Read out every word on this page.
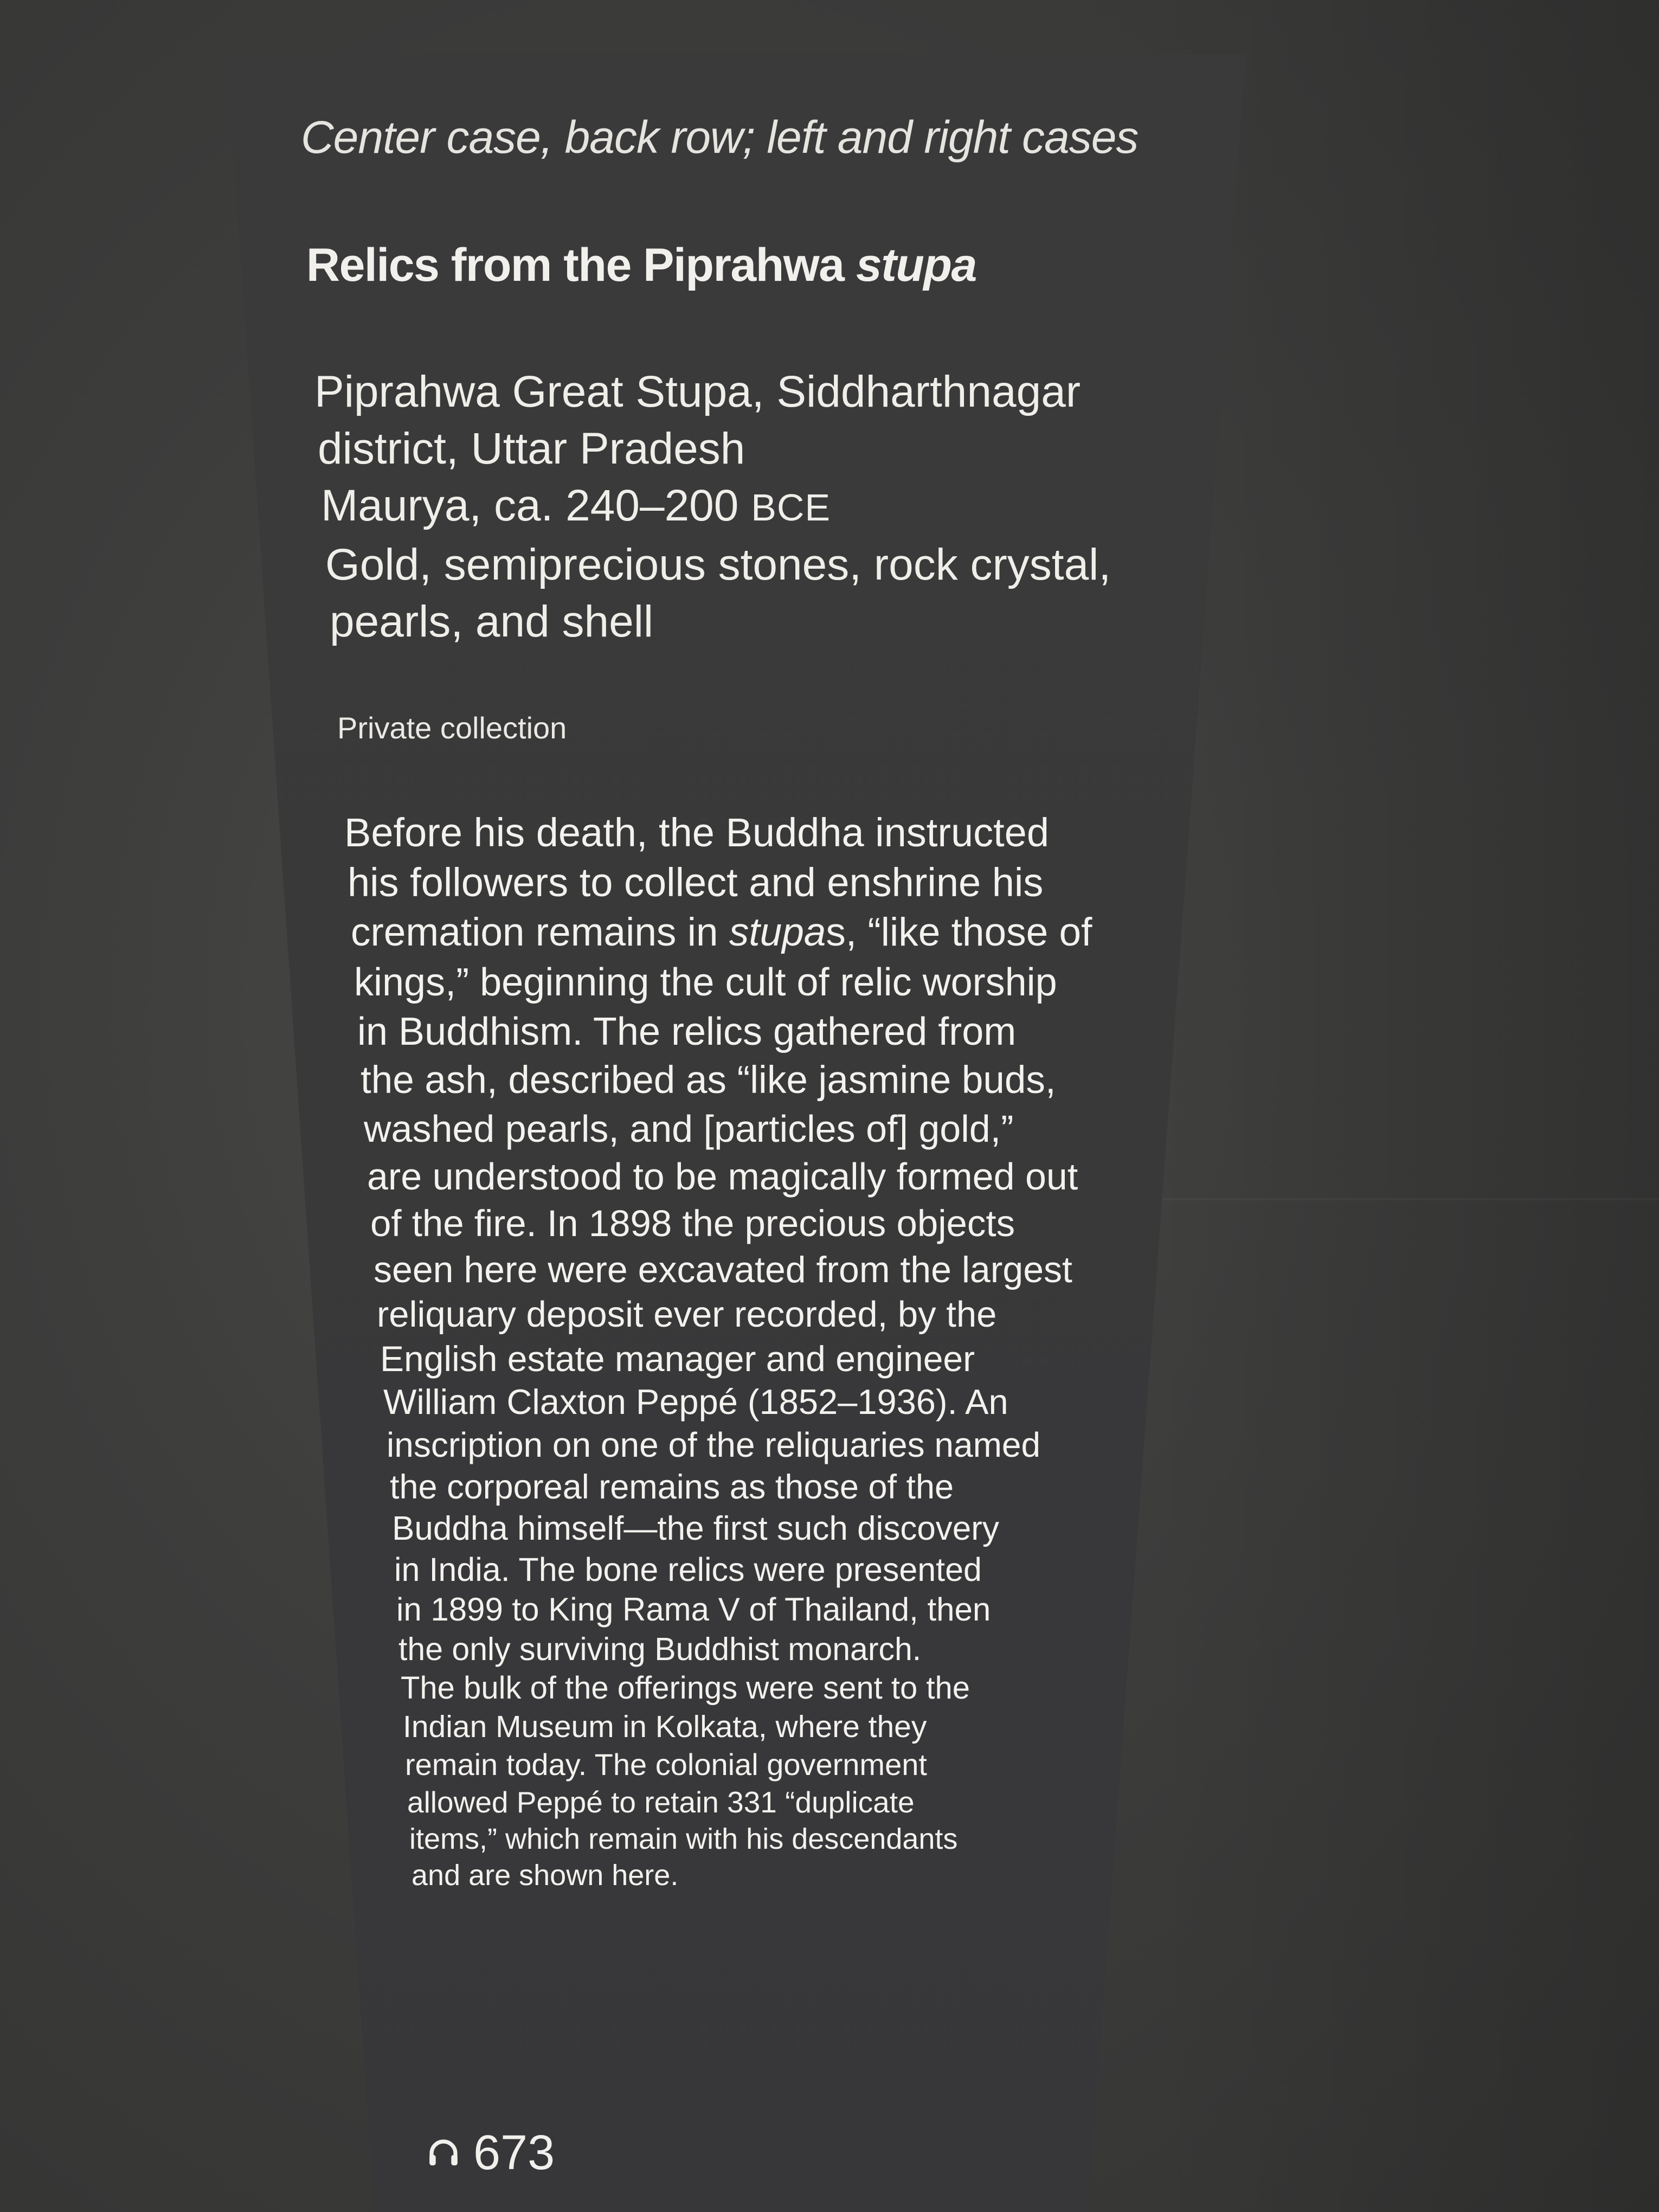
Center case, back row; left and right cases
Relics from the Piprahwa stupa
Piprahwa Great Stupa, Siddharthnagar
district, Uttar Pradesh
Maurya, ca. 240–200 BCE
Gold, semiprecious stones, rock crystal,
pearls, and shell
Private collection
Before his death, the Buddha instructed
his followers to collect and enshrine his
cremation remains in stupas, “like those of
kings,” beginning the cult of relic worship
in Buddhism. The relics gathered from
the ash, described as “like jasmine buds,
washed pearls, and [particles of] gold,”
are understood to be magically formed out
of the fire. In 1898 the precious objects
seen here were excavated from the largest
reliquary deposit ever recorded, by the
English estate manager and engineer
William Claxton Peppé (1852–1936). An
inscription on one of the reliquaries named
the corporeal remains as those of the
Buddha himself—the first such discovery
in India. The bone relics were presented
in 1899 to King Rama V of Thailand, then
the only surviving Buddhist monarch.
The bulk of the offerings were sent to the
Indian Museum in Kolkata, where they
remain today. The colonial government
allowed Peppé to retain 331 “duplicate
items,” which remain with his descendants
and are shown here.
673
